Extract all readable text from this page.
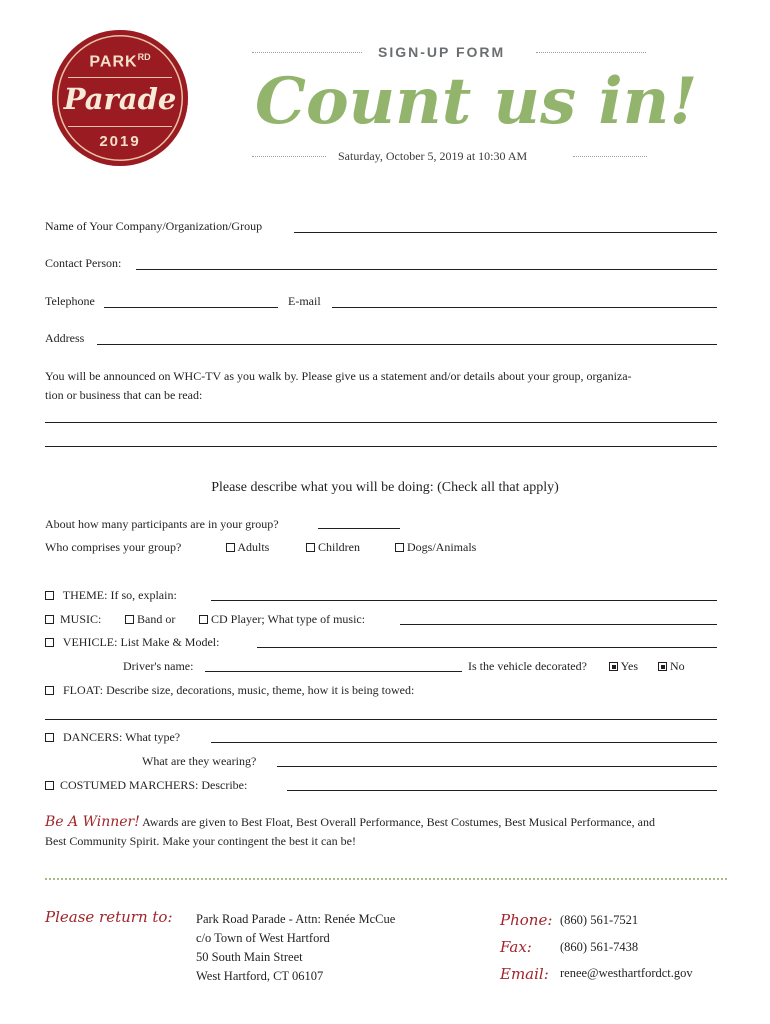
$PARK^{RD}$
Parade
2019
SIGN-UP FORM
Count us in!
Saturday, October 5, 2019 at 10:30 AM
Name of Your Company/Organization/Group
Contact Person:
Telephone	E-mail
Address
You will be announced on WHC-TV as you walk by. Please give us a statement and/or details about your group, organiza-
tion or business that can be read:
Please describe what you will be doing: (Check all that apply)
About how many participants are in your group?
Who comprises your group?	Adults	Children	Dogs/Animals
THEME: If so, explain:
MUSIC:	Band or	CD Player; What type of music:
VEHICLE: List Make & Model:
Driver's name:	Is the vehicle decorated?	Yes	No
FLOAT: Describe size, decorations, music, theme, how it is being towed:
DANCERS: What type?
What are they wearing?
COSTUMED MARCHERS: Describe:
Be A Winner! Awards are given to Best Float, Best Overall Performance, Best Costumes, Best Musical Performance, and
Best Community Spirit. Make your contingent the best it can be!
Please return to: Park Road Parade - Attn: Renée McCue
c/o Town of West Hartford
50 South Main Street
West Hartford, CT 06107
Phone: (860) 561-7521
Fax: (860) 561-7438
Email: renee@westhartfordct.gov
